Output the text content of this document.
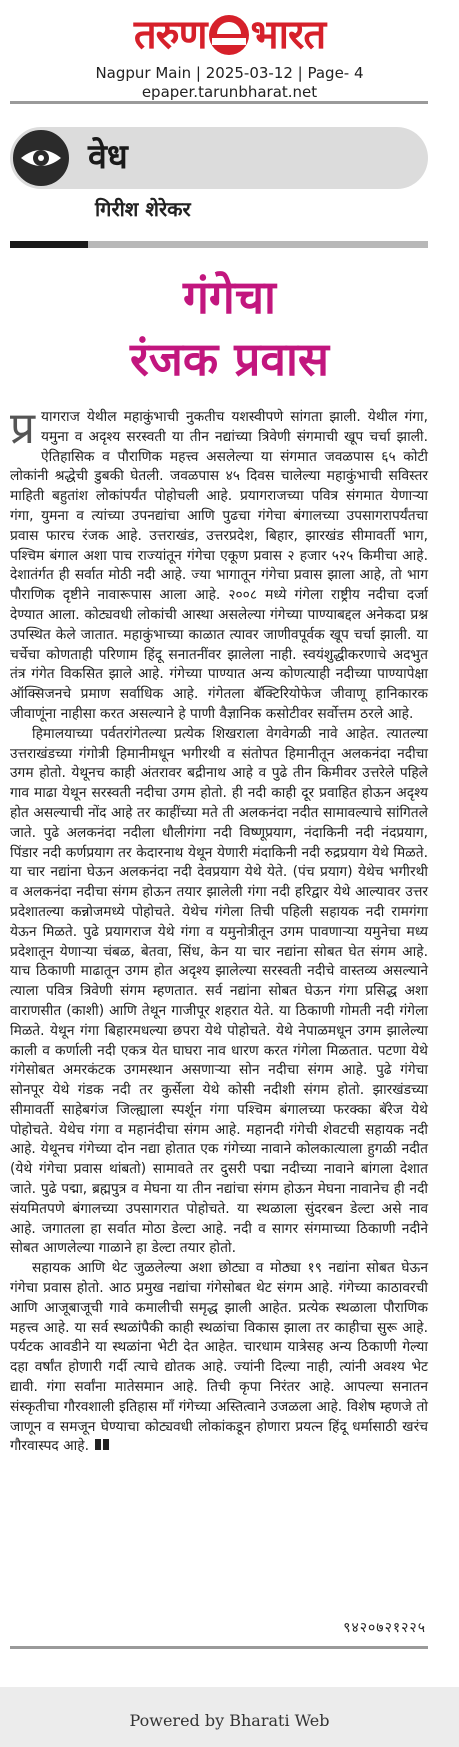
तरुण भारत
Nagpur Main | 2025-03-12 | Page- 4
epaper.tarunbharat.net
वेध
गिरीश शेरेकर
गंगेचा
रंजक प्रवास

प्र यागराज येथील महाकुंभाची नुकतीच यशस्वीपणे सांगता झाली. येथील गंगा, यमुना व अदृश्य सरस्वती या तीन नद्यांच्या त्रिवेणी संगमाची खूप चर्चा झाली. ऐतिहासिक व पौराणिक महत्त्व असलेल्या या संगमात जवळपास ६५ कोटी लोकांनी श्रद्धेची डुबकी घेतली. जवळपास ४५ दिवस चालेल्या महाकुंभाची सविस्तर माहिती बहुतांश लोकांपर्यंत पोहोचली आहे. प्रयागराजच्या पवित्र संगमात येणाऱ्या गंगा, युमना व त्यांच्या उपनद्यांचा आणि पुढचा गंगेचा बंगालच्या उपसागरापर्यंतचा प्रवास फारच रंजक आहे. उत्तराखंड, उत्तरप्रदेश, बिहार, झारखंड सीमावर्ती भाग, पश्चिम बंगाल अशा पाच राज्यांतून गंगेचा एकूण प्रवास २ हजार ५२५ किमीचा आहे. देशातंर्गत ही सर्वात मोठी नदी आहे. ज्या भागातून गंगेचा प्रवास झाला आहे, तो भाग पौराणिक दृष्टीने नावारूपास आला आहे. २००८ मध्ये गंगेला राष्ट्रीय नदीचा दर्जा देण्यात आला. कोट्यवधी लोकांची आस्था असलेल्या गंगेच्या पाण्याबद्दल अनेकदा प्रश्न उपस्थित केले जातात. महाकुंभाच्या काळात त्यावर जाणीवपूर्वक खूप चर्चा झाली. या चर्चेचा कोणताही परिणाम हिंदू सनातनींवर झालेला नाही. स्वयंशुद्धीकरणाचे अदभुत तंत्र गंगेत विकसित झाले आहे. गंगेच्या पाण्यात अन्य कोणत्याही नदीच्या पाण्यापेक्षा ऑक्सिजनचे प्रमाण सर्वाधिक आहे. गंगेतला बॅक्टिरियोफेज जीवाणू हानिकारक जीवाणूंना नाहीसा करत असल्याने हे पाणी वैज्ञानिक कसोटीवर सर्वोत्तम ठरले आहे.

हिमालयाच्या पर्वतरांगेतल्या प्रत्येक शिखराला वेगवेगळी नावे आहेत. त्यातल्या उत्तराखंडच्या गंगोत्री हिमानीमधून भगीरथी व संतोपत हिमानीतून अलकनंदा नदीचा उगम होतो. येथूनच काही अंतरावर बद्रीनाथ आहे व पुढे तीन किमीवर उत्तरेले पहिले गाव माढा येथून सरस्वती नदीचा उगम होतो. ही नदी काही दूर प्रवाहित होऊन अदृश्य होत असल्याची नोंद आहे तर काहींच्या मते ती अलकनंदा नदीत सामावल्याचे सांगितले जाते. पुढे अलकनंदा नदीला धौलीगंगा नदी विष्णूप्रयाग, नंदाकिनी नदी नंदप्रयाग, पिंडार नदी कर्णप्रयाग तर केदारनाथ येथून येणारी मंदाकिनी नदी रुद्रप्रयाग येथे मिळते. या चार नद्यांना घेऊन अलकनंदा नदी देवप्रयाग येथे येते. (पंच प्रयाग) येथेच भगीरथी व अलकनंदा नदीचा संगम होऊन तयार झालेली गंगा नदी हरिद्वार येथे आल्यावर उत्तर प्रदेशातल्या कन्नोजमध्ये पोहोचते. येथेच गंगेला तिची पहिली सहायक नदी रामगंगा येऊन मिळते. पुढे प्रयागराज येथे गंगा व यमुनोत्रीतून उगम पावणाऱ्या यमुनेचा मध्य प्रदेशातून येणाऱ्या चंबळ, बेतवा, सिंध, केन या चार नद्यांना सोबत घेत संगम आहे. याच ठिकाणी माढातून उगम होत अदृश्य झालेल्या सरस्वती नदीचे वास्तव्य असल्याने त्याला पवित्र त्रिवेणी संगम म्हणतात. सर्व नद्यांना सोबत घेऊन गंगा प्रसिद्ध अशा वाराणसीत (काशी) आणि तेथून गाजीपूर शहरात येते. या ठिकाणी गोमती नदी गंगेला मिळते. येथून गंगा बिहारमधल्या छपरा येथे पोहोचते. येथे नेपाळमधून उगम झालेल्या काली व कर्णाली नदी एकत्र येत घाघरा नाव धारण करत गंगेला मिळतात. पटणा येथे गंगेसोबत अमरकंटक उगमस्थान असणाऱ्या सोन नदीचा संगम आहे. पुढे गंगेचा सोनपूर येथे गंडक नदी तर कुर्सेला येथे कोसी नदीशी संगम होतो. झारखंडच्या सीमावर्ती साहेबगंज जिल्ह्याला स्पर्शून गंगा पश्चिम बंगालच्या फरक्का बॅरेज येथे पोहोचते. येथेच गंगा व महानंदीचा संगम आहे. महानदी गंगेची शेवटची सहायक नदी आहे. येथूनच गंगेच्या दोन नद्या होतात एक गंगेच्या नावाने कोलकात्याला हुगळी नदीत (येथे गंगेचा प्रवास थांबतो) सामावते तर दुसरी पद्मा नदीच्या नावाने बांगला देशात जाते. पुढे पद्मा, ब्रह्मपुत्र व मेघना या तीन नद्यांचा संगम होऊन मेघना नावानेच ही नदी संयमितपणे बंगालच्या उपसागरात पोहोचते. या स्थळाला सुंदरबन डेल्टा असे नाव आहे. जगातला हा सर्वात मोठा डेल्टा आहे. नदी व सागर संगमाच्या ठिकाणी नदीने सोबत आणलेल्या गाळाने हा डेल्टा तयार होतो.

सहायक आणि थेट जुळलेल्या अशा छोट्या व मोठ्या १९ नद्यांना सोबत घेऊन गंगेचा प्रवास होतो. आठ प्रमुख नद्यांचा गंगेसोबत थेट संगम आहे. गंगेच्या काठावरची आणि आजूबाजूची गावे कमालीची समृद्ध झाली आहेत. प्रत्येक स्थळाला पौराणिक महत्त्व आहे. या सर्व स्थळांपैकी काही स्थळांचा विकास झाला तर काहीचा सुरू आहे. पर्यटक आवडीने या स्थळांना भेटी देत आहेत. चारधाम यात्रेसह अन्य ठिकाणी गेल्या दहा वर्षांत होणारी गर्दी त्याचे द्योतक आहे. ज्यांनी दिल्या नाही, त्यांनी अवश्य भेट द्यावी. गंगा सर्वांना मातेसमान आहे. तिची कृपा निरंतर आहे. आपल्या सनातन संस्कृतीचा गौरवशाली इतिहास माँ गंगेच्या अस्तित्वाने उजळला आहे. विशेष म्हणजे तो जाणून व समजून घेण्याचा कोट्यवधी लोकांकडून होणारा प्रयत्न हिंदू धर्मासाठी खरंच गौरवास्पद आहे.

९४२०७२१२२५
Powered by Bharati Web
